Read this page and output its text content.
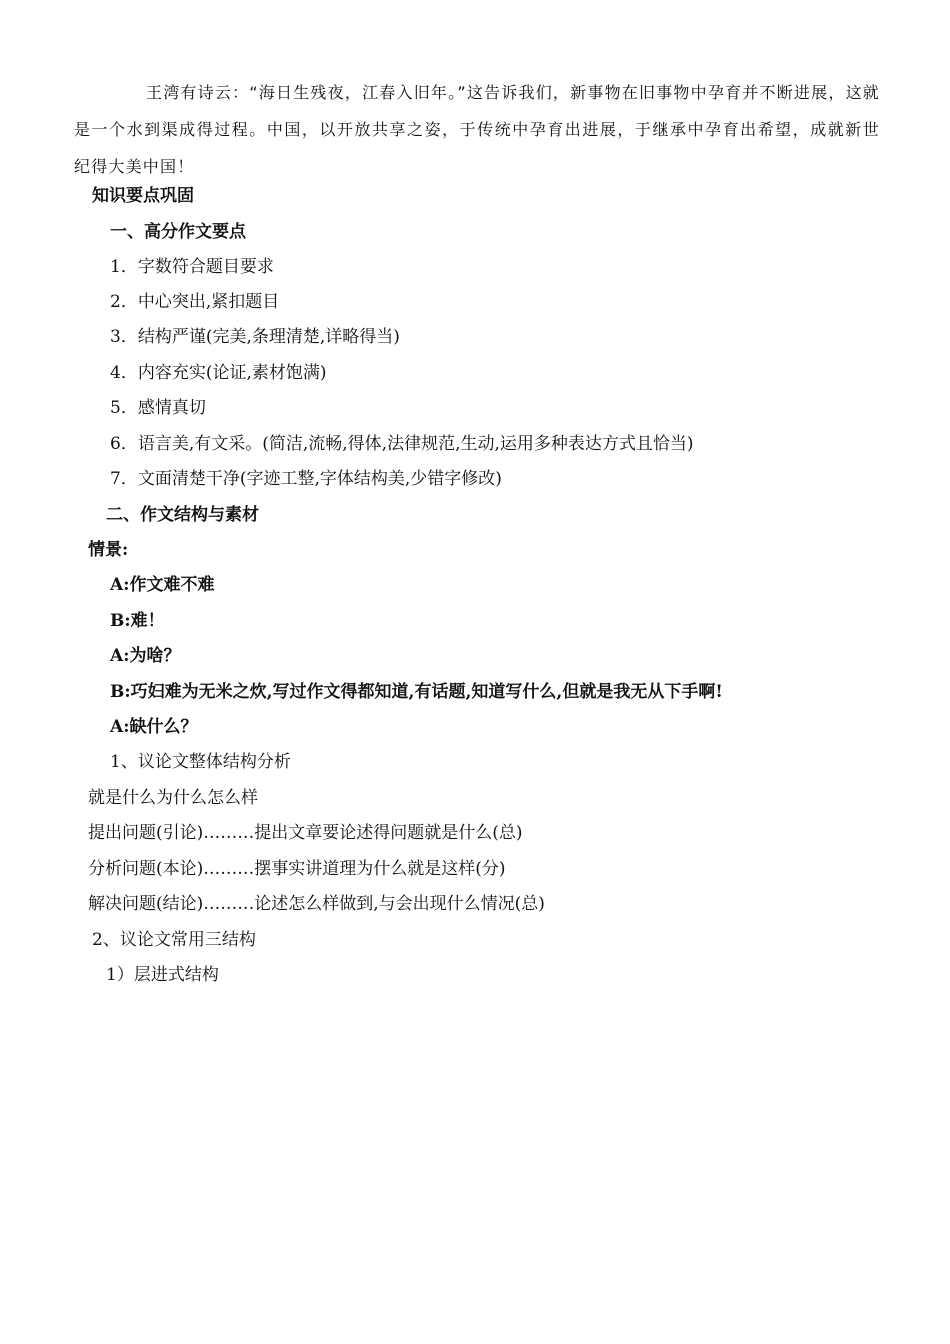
王湾有诗云：“海日生残夜，江春入旧年。”这告诉我们，新事物在旧事物中孕育并不断进展，这就是一个水到渠成得过程。中国，以开放共享之姿，于传统中孕育出进展，于继承中孕育出希望，成就新世纪得大美中国！

知识要点巩固

一、高分作文要点

1．字数符合题目要求

2．中心突出,紧扣题目

3．结构严谨(完美,条理清楚,详略得当)

4．内容充实(论证,素材饱满)

5．感情真切

6．语言美,有文采。(简洁,流畅,得体,法律规范,生动,运用多种表达方式且恰当)

7．文面清楚干净(字迹工整,字体结构美,少错字修改)

二、作文结构与素材

情景:

A:作文难不难

B:难！

A:为啥？

B:巧妇难为无米之炊,写过作文得都知道,有话题,知道写什么,但就是我无从下手啊!

A:缺什么？

1、议论文整体结构分析

就是什么为什么怎么样

提出问题(引论)………提出文章要论述得问题就是什么(总)

分析问题(本论)………摆事实讲道理为什么就是这样(分)

解决问题(结论)………论述怎么样做到,与会出现什么情况(总)

2、议论文常用三结构

1）层进式结构
